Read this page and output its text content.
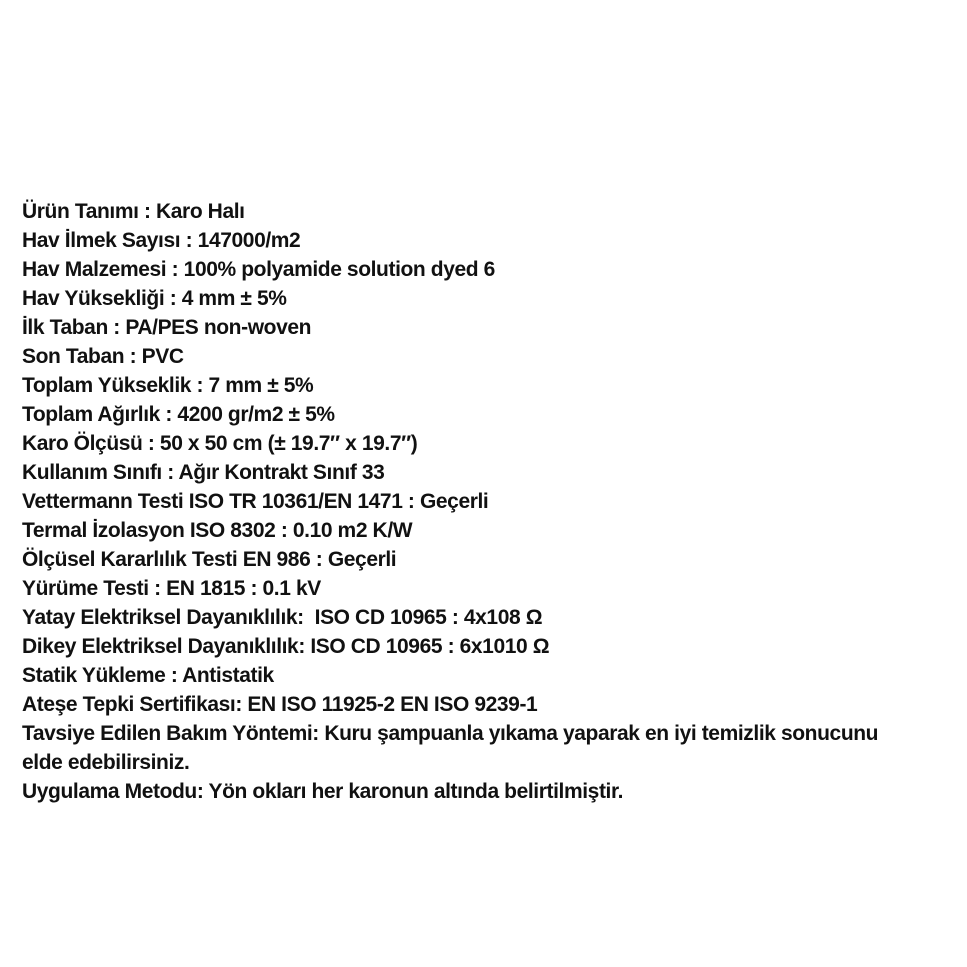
Ürün Tanımı : Karo Halı
Hav İlmek Sayısı : 147000/m2
Hav Malzemesi : 100% polyamide solution dyed 6
Hav Yüksekliği : 4 mm ± 5%
İlk Taban : PA/PES non-woven
Son Taban : PVC
Toplam Yükseklik : 7 mm ± 5%
Toplam Ağırlık : 4200 gr/m2 ± 5%
Karo Ölçüsü : 50 x 50 cm (± 19.7″ x 19.7″)
Kullanım Sınıfı : Ağır Kontrakt Sınıf 33
Vettermann Testi ISO TR 10361/EN 1471 : Geçerli
Termal İzolasyon ISO 8302 : 0.10 m2 K/W
Ölçüsel Kararlılık Testi EN 986 : Geçerli
Yürüme Testi : EN 1815 : 0.1 kV
Yatay Elektriksel Dayanıklılık:  ISO CD 10965 : 4x108 Ω
Dikey Elektriksel Dayanıklılık: ISO CD 10965 : 6x1010 Ω
Statik Yükleme : Antistatik
Ateşe Tepki Sertifikası: EN ISO 11925-2 EN ISO 9239-1
Tavsiye Edilen Bakım Yöntemi: Kuru şampuanla yıkama yaparak en iyi temizlik sonucunu
elde edebilirsiniz.
Uygulama Metodu: Yön okları her karonun altında belirtilmiştir.
